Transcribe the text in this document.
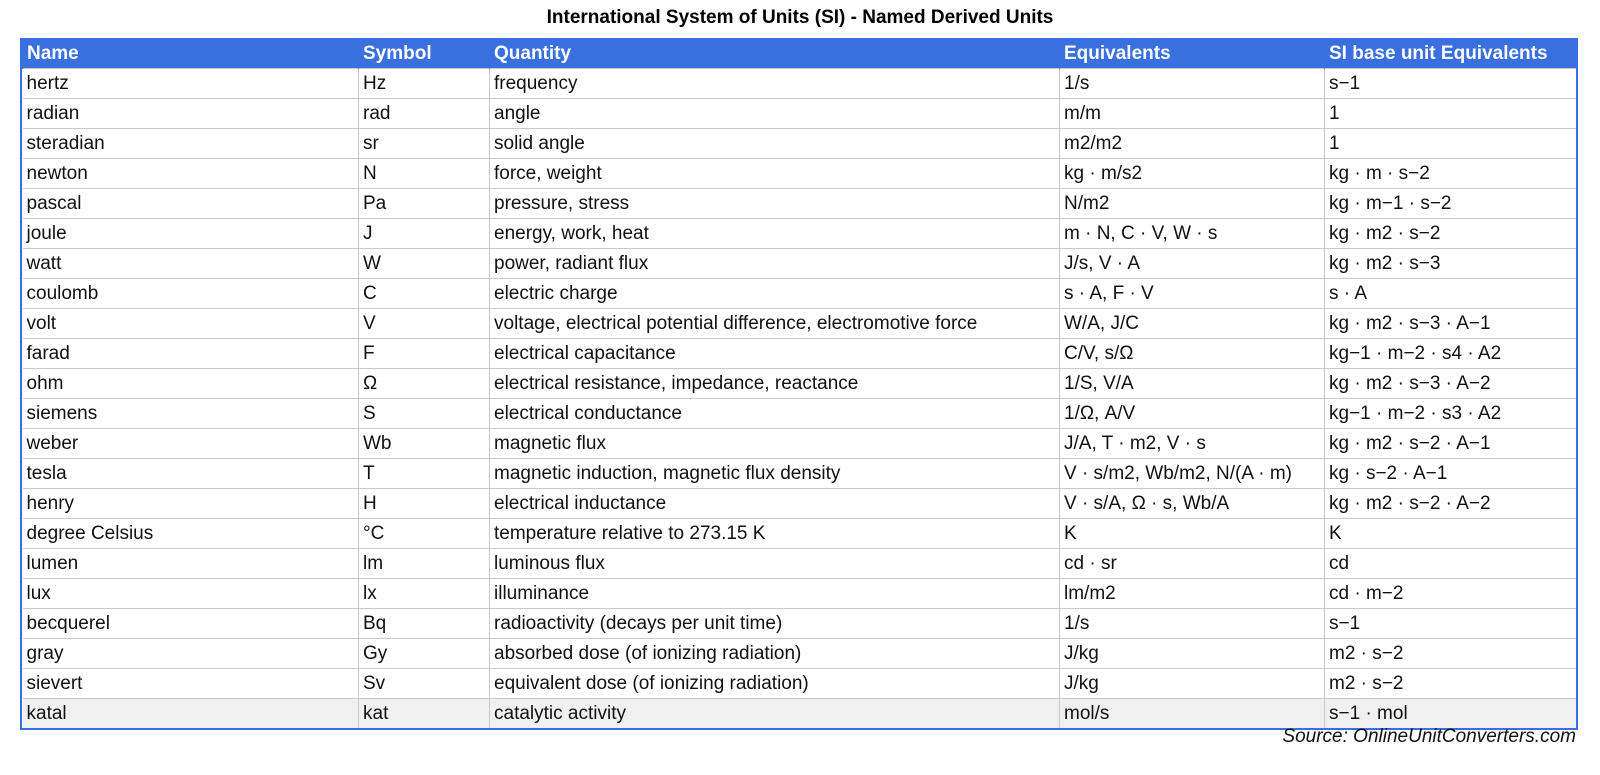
International System of Units (SI) - Named Derived Units
Name	Symbol	Quantity	Equivalents	SI base unit Equivalents
hertz	Hz	frequency	1/s	s−1
radian	rad	angle	m/m	1
steradian	sr	solid angle	m2/m2	1
newton	N	force, weight	kg · m/s2	kg · m · s−2
pascal	Pa	pressure, stress	N/m2	kg · m−1 · s−2
joule	J	energy, work, heat	m · N, C · V, W · s	kg · m2 · s−2
watt	W	power, radiant flux	J/s, V · A	kg · m2 · s−3
coulomb	C	electric charge	s · A, F · V	s · A
volt	V	voltage, electrical potential difference, electromotive force	W/A, J/C	kg · m2 · s−3 · A−1
farad	F	electrical capacitance	C/V, s/Ω	kg−1 · m−2 · s4 · A2
ohm	Ω	electrical resistance, impedance, reactance	1/S, V/A	kg · m2 · s−3 · A−2
siemens	S	electrical conductance	1/Ω, A/V	kg−1 · m−2 · s3 · A2
weber	Wb	magnetic flux	J/A, T · m2, V · s	kg · m2 · s−2 · A−1
tesla	T	magnetic induction, magnetic flux density	V · s/m2, Wb/m2, N/(A · m)	kg · s−2 · A−1
henry	H	electrical inductance	V · s/A, Ω · s, Wb/A	kg · m2 · s−2 · A−2
degree Celsius	°C	temperature relative to 273.15 K	K	K
lumen	lm	luminous flux	cd · sr	cd
lux	lx	illuminance	lm/m2	cd · m−2
becquerel	Bq	radioactivity (decays per unit time)	1/s	s−1
gray	Gy	absorbed dose (of ionizing radiation)	J/kg	m2 · s−2
sievert	Sv	equivalent dose (of ionizing radiation)	J/kg	m2 · s−2
katal	kat	catalytic activity	mol/s	s−1 · mol
Source: OnlineUnitConverters.com
